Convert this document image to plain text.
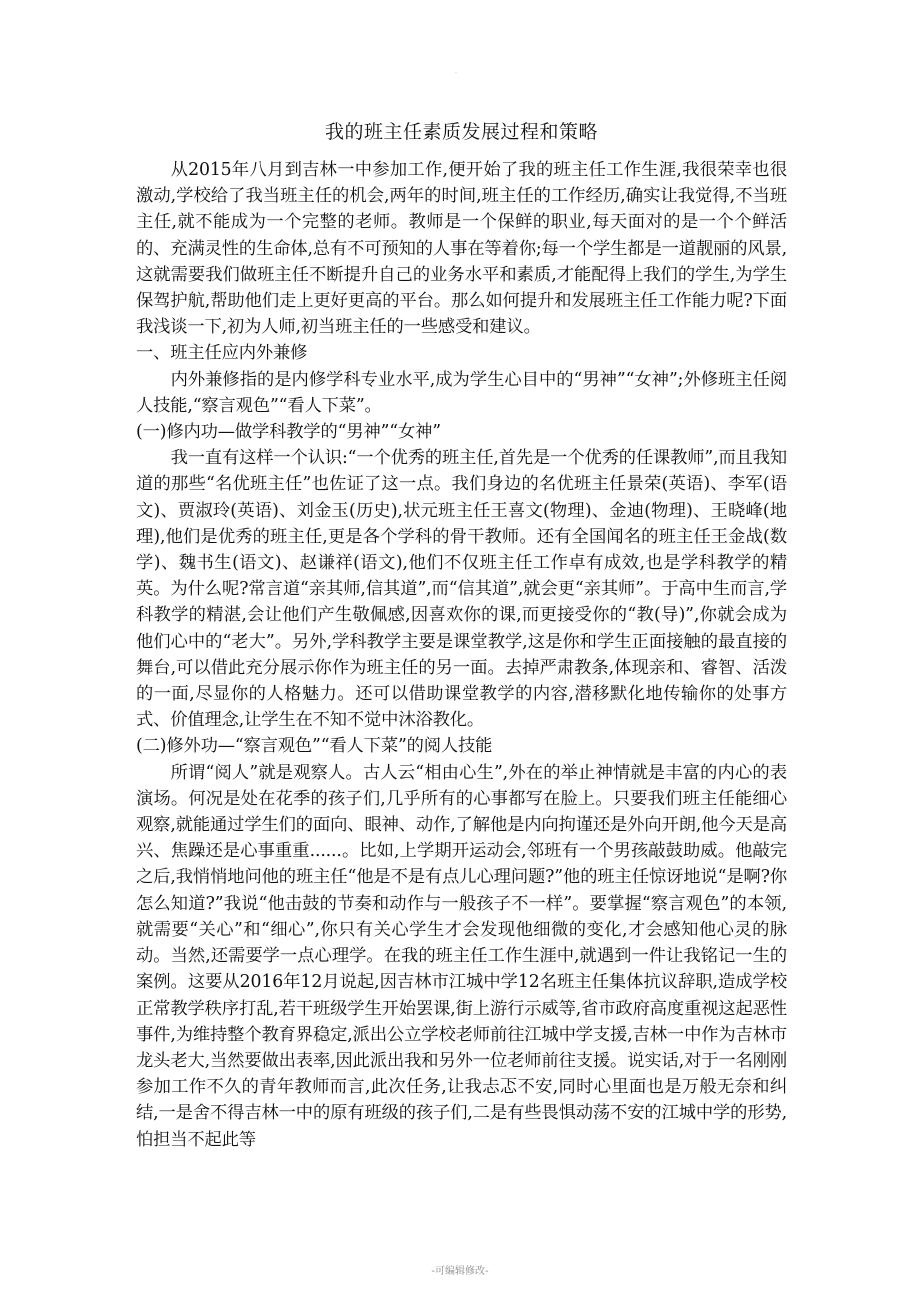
·
我的班主任素质发展过程和策略

从2015年八月到吉林一中参加工作,便开始了我的班主任工作生涯,我很荣幸也很激动,学校给了我当班主任的机会,两年的时间,班主任的工作经历,确实让我觉得,不当班主任,就不能成为一个完整的老师。教师是一个保鲜的职业,每天面对的是一个个鲜活的、充满灵性的生命体,总有不可预知的人事在等着你;每一个学生都是一道靓丽的风景,这就需要我们做班主任不断提升自己的业务水平和素质,才能配得上我们的学生,为学生保驾护航,帮助他们走上更好更高的平台。那么如何提升和发展班主任工作能力呢?下面我浅谈一下,初为人师,初当班主任的一些感受和建议。

一、班主任应内外兼修

内外兼修指的是内修学科专业水平,成为学生心目中的“男神”“女神”;外修班主任阅人技能,“察言观色”“看人下菜”。

(一)修内功—做学科教学的“男神”“女神”

我一直有这样一个认识:“一个优秀的班主任,首先是一个优秀的任课教师”,而且我知道的那些“名优班主任”也佐证了这一点。我们身边的名优班主任景荣(英语)、李军(语文)、贾淑玲(英语)、刘金玉(历史),状元班主任王喜文(物理)、金迪(物理)、王晓峰(地理),他们是优秀的班主任,更是各个学科的骨干教师。还有全国闻名的班主任王金战(数学)、魏书生(语文)、赵谦祥(语文),他们不仅班主任工作卓有成效,也是学科教学的精英。为什么呢?常言道“亲其师,信其道”,而“信其道”,就会更“亲其师”。于高中生而言,学科教学的精湛,会让他们产生敬佩感,因喜欢你的课,而更接受你的“教(导)”,你就会成为他们心中的“老大”。另外,学科教学主要是课堂教学,这是你和学生正面接触的最直接的舞台,可以借此充分展示你作为班主任的另一面。去掉严肃教条,体现亲和、睿智、活泼的一面,尽显你的人格魅力。还可以借助课堂教学的内容,潜移默化地传输你的处事方式、价值理念,让学生在不知不觉中沐浴教化。

(二)修外功—“察言观色”“看人下菜”的阅人技能

所谓“阅人”就是观察人。古人云“相由心生”,外在的举止神情就是丰富的内心的表演场。何况是处在花季的孩子们,几乎所有的心事都写在脸上。只要我们班主任能细心观察,就能通过学生们的面向、眼神、动作,了解他是内向拘谨还是外向开朗,他今天是高兴、焦躁还是心事重重......。比如,上学期开运动会,邻班有一个男孩敲鼓助威。他敲完之后,我悄悄地问他的班主任“他是不是有点儿心理问题?”他的班主任惊讶地说“是啊?你怎么知道?”我说“他击鼓的节奏和动作与一般孩子不一样”。要掌握“察言观色”的本领,就需要“关心”和“细心”,你只有关心学生才会发现他细微的变化,才会感知他心灵的脉动。当然,还需要学一点心理学。在我的班主任工作生涯中,就遇到一件让我铭记一生的案例。这要从2016年12月说起,因吉林市江城中学12名班主任集体抗议辞职,造成学校正常教学秩序打乱,若干班级学生开始罢课,街上游行示威等,省市政府高度重视这起恶性事件,为维持整个教育界稳定,派出公立学校老师前往江城中学支援,吉林一中作为吉林市龙头老大,当然要做出表率,因此派出我和另外一位老师前往支援。说实话,对于一名刚刚参加工作不久的青年教师而言,此次任务,让我忐忑不安,同时心里面也是万般无奈和纠结,一是舍不得吉林一中的原有班级的孩子们,二是有些畏惧动荡不安的江城中学的形势,怕担当不起此等

-可编辑修改-
